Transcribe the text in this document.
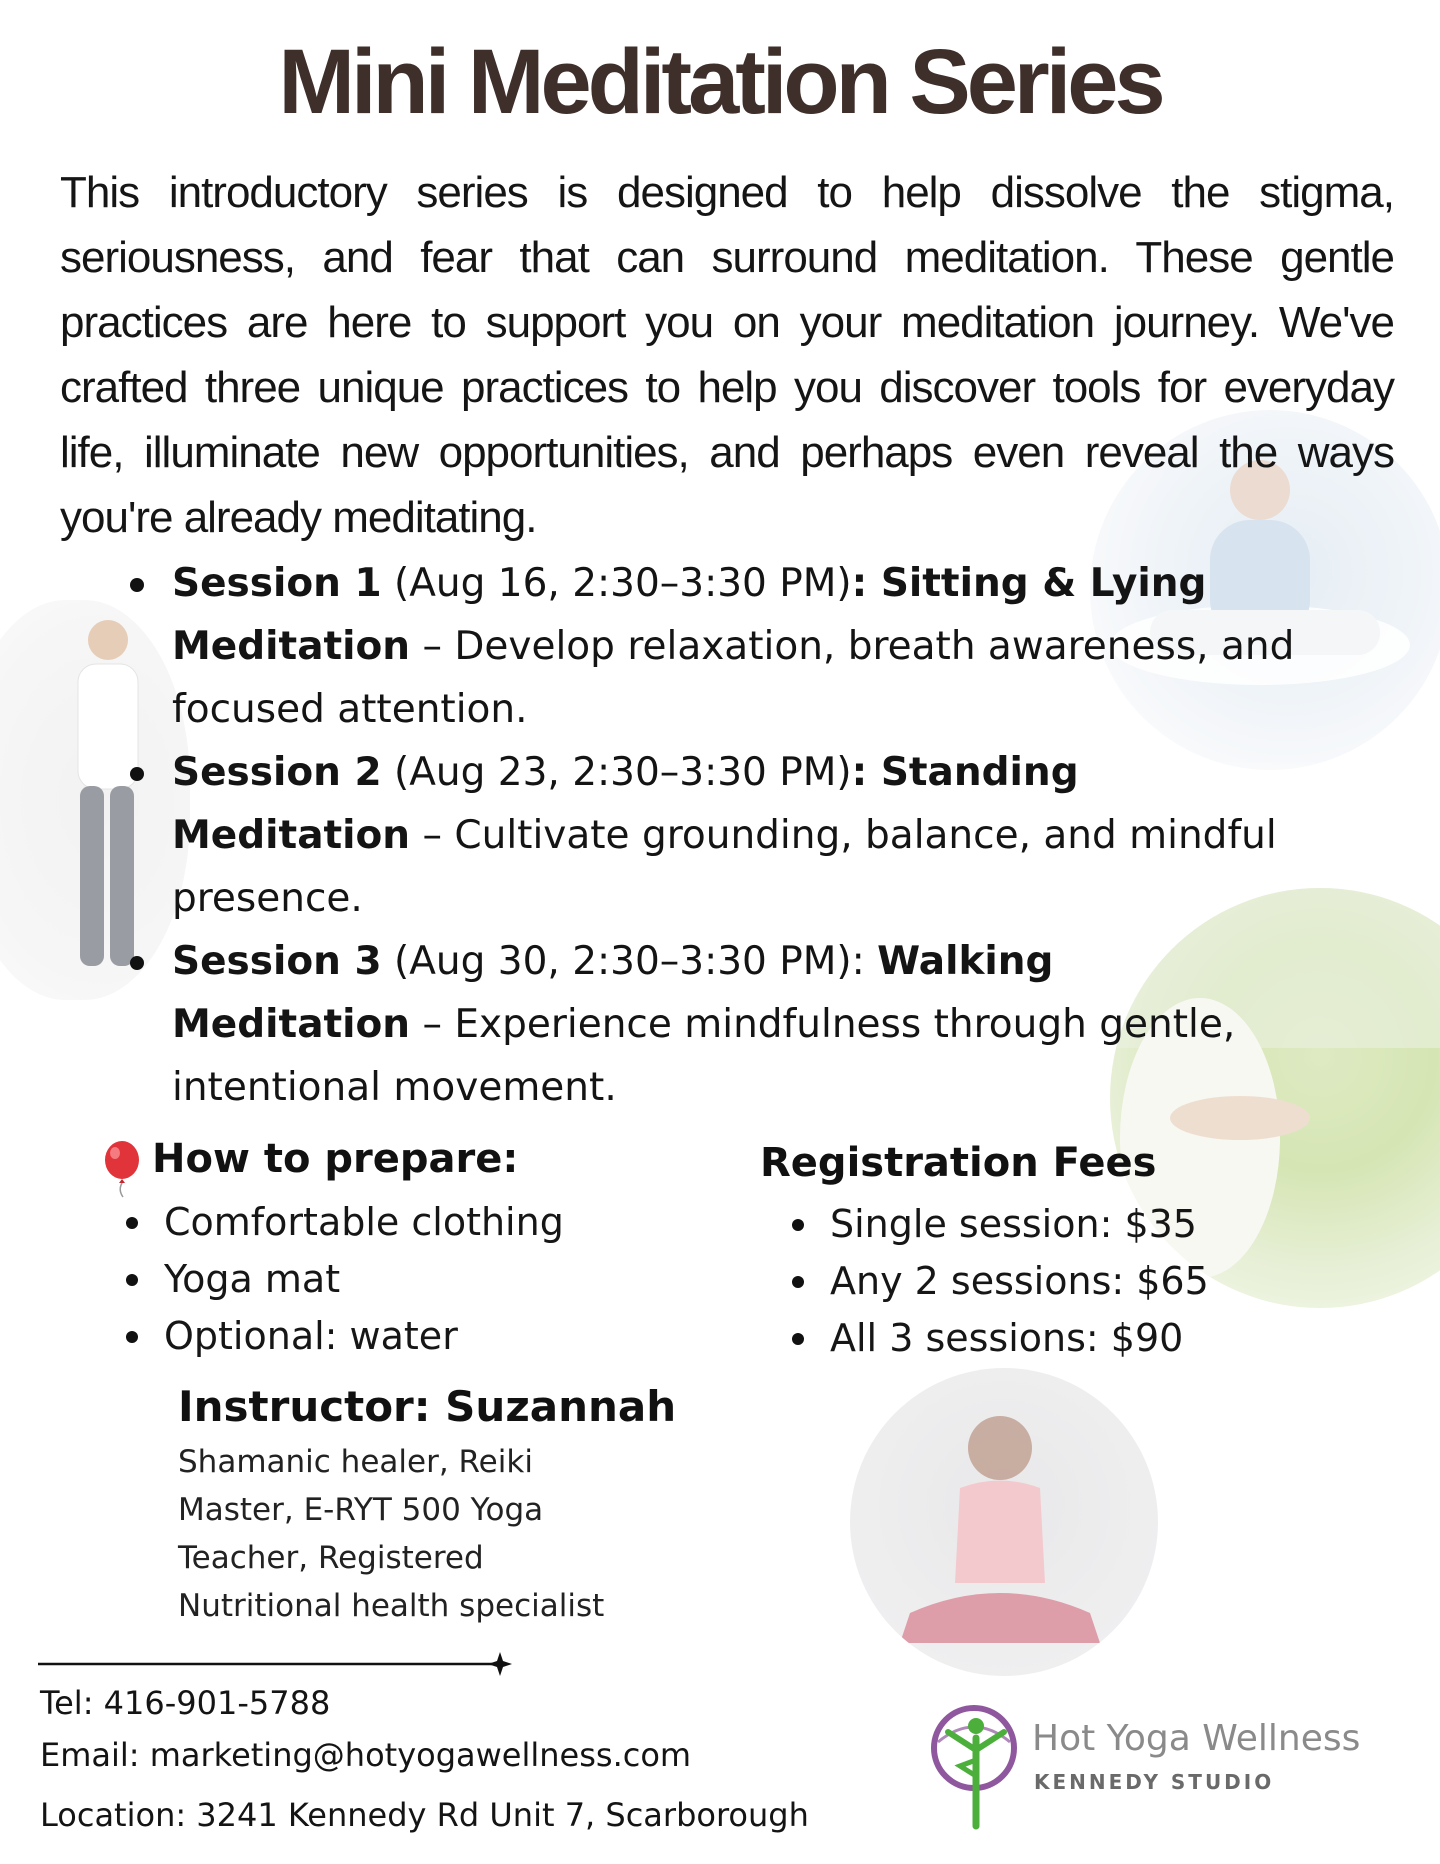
Mini Meditation Series

This introductory series is designed to help dissolve the stigma, seriousness, and fear that can surround meditation. These gentle practices are here to support you on your meditation journey. We've crafted three unique practices to help you discover tools for everyday life, illuminate new opportunities, and perhaps even reveal the ways you're already meditating.

Session 1 (Aug 16, 2:30–3:30 PM): Sitting & Lying Meditation – Develop relaxation, breath awareness, and focused attention.
Session 2 (Aug 23, 2:30–3:30 PM): Standing Meditation – Cultivate grounding, balance, and mindful presence.
Session 3 (Aug 30, 2:30–3:30 PM): Walking Meditation – Experience mindfulness through gentle, intentional movement.

How to prepare:

Comfortable clothing
Yoga mat
Optional: water

Registration Fees

Single session: $35
Any 2 sessions: $65
All 3 sessions: $90

Instructor: Suzannah

Shamanic healer, Reiki
Master, E-RYT 500 Yoga
Teacher, Registered
Nutritional health specialist

Tel: 416-901-5788

Email: marketing@hotyogawellness.com

Location: 3241 Kennedy Rd Unit 7, Scarborough

Hot Yoga Wellness

KENNEDY STUDIO
